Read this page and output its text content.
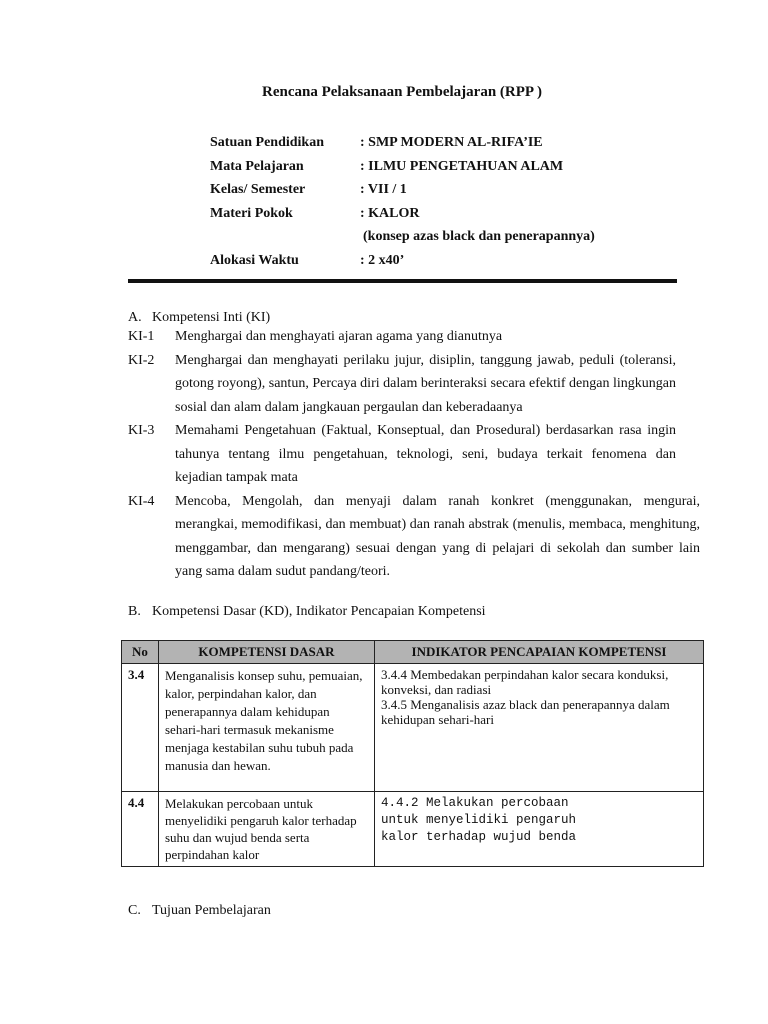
Rencana Pelaksanaan Pembelajaran (RPP )
Satuan Pendidikan	: SMP MODERN AL-RIFA’IE
Mata Pelajaran	: ILMU PENGETAHUAN ALAM
Kelas/ Semester	: VII / 1
Materi Pokok	: KALOR
(konsep azas black dan penerapannya)
Alokasi Waktu	: 2 x40’
A. Kompetensi Inti (KI)
KI-1	Menghargai dan menghayati ajaran agama yang dianutnya
KI-2	Menghargai dan menghayati perilaku jujur, disiplin, tanggung jawab, peduli (toleransi, gotong royong), santun, Percaya diri dalam berinteraksi secara efektif dengan lingkungan sosial dan alam dalam jangkauan pergaulan dan keberadaanya
KI-3	Memahami Pengetahuan (Faktual, Konseptual, dan Prosedural) berdasarkan rasa ingin tahunya tentang ilmu pengetahuan, teknologi, seni, budaya terkait fenomena dan kejadian tampak mata
KI-4	Mencoba, Mengolah, dan menyaji dalam ranah konkret (menggunakan, mengurai, merangkai, memodifikasi, dan membuat) dan ranah abstrak (menulis, membaca, menghitung, menggambar, dan mengarang) sesuai dengan yang di pelajari di sekolah dan sumber lain yang sama dalam sudut pandang/teori.
B. Kompetensi Dasar (KD), Indikator Pencapaian Kompetensi
No	KOMPETENSI DASAR	INDIKATOR PENCAPAIAN KOMPETENSI
3.4	Menganalisis konsep suhu, pemuaian, kalor, perpindahan kalor, dan penerapannya dalam kehidupan sehari-hari termasuk mekanisme menjaga kestabilan suhu tubuh pada manusia dan hewan.	3.4.4 Membedakan perpindahan kalor secara konduksi, konveksi, dan radiasi
3.4.5 Menganalisis azaz black dan penerapannya dalam kehidupan sehari-hari

4.4	Melakukan percobaan untuk menyelidiki pengaruh kalor terhadap suhu dan wujud benda serta perpindahan kalor	4.4.2 Melakukan percobaan untuk menyelidiki pengaruh kalor terhadap wujud benda
C. Tujuan Pembelajaran
